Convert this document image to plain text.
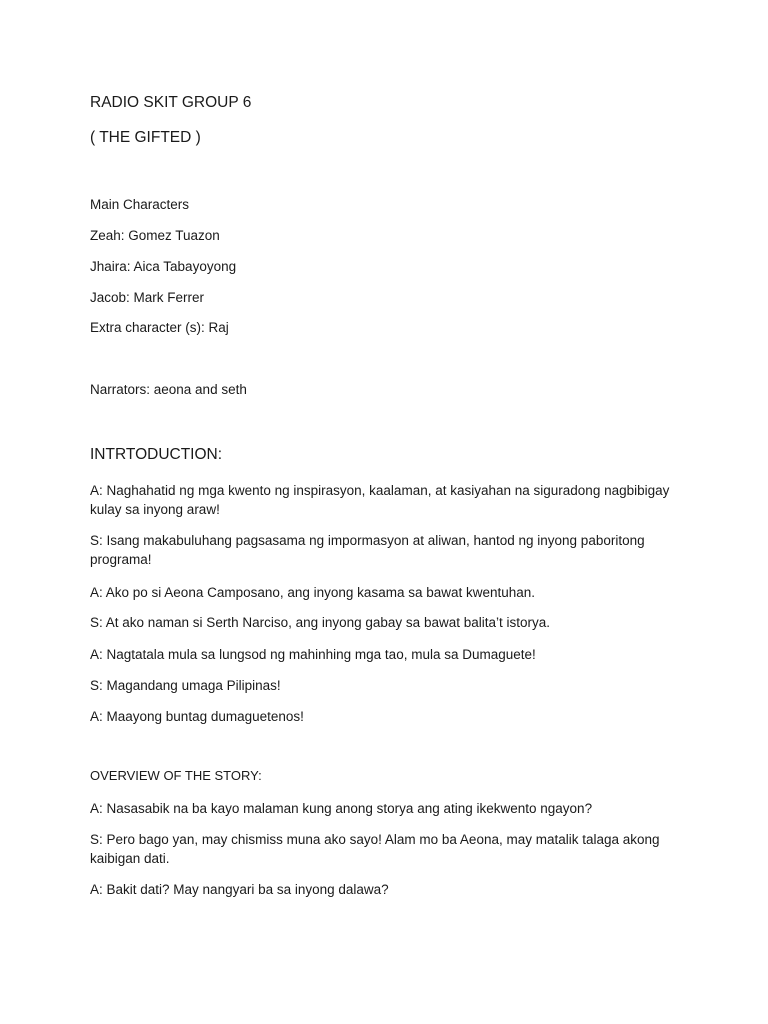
RADIO SKIT GROUP 6
( THE GIFTED )
Main Characters
Zeah: Gomez Tuazon
Jhaira: Aica Tabayoyong
Jacob: Mark Ferrer
Extra character (s): Raj
Narrators: aeona and seth
INTRTODUCTION:
A: Naghahatid ng mga kwento ng inspirasyon, kaalaman, at kasiyahan na siguradong nagbibigay kulay sa inyong araw!
S: Isang makabuluhang pagsasama ng impormasyon at aliwan, hantod ng inyong paboritong programa!
A: Ako po si Aeona Camposano, ang inyong kasama sa bawat kwentuhan.
S: At ako naman si Serth Narciso, ang inyong gabay sa bawat balita’t istorya.
A: Nagtatala mula sa lungsod ng mahinhing mga tao, mula sa Dumaguete!
S: Magandang umaga Pilipinas!
A: Maayong buntag dumaguetenos!
OVERVIEW OF THE STORY:
A: Nasasabik na ba kayo malaman kung anong storya ang ating ikekwento ngayon?
S: Pero bago yan, may chismiss muna ako sayo! Alam mo ba Aeona, may matalik talaga akong kaibigan dati.
A: Bakit dati? May nangyari ba sa inyong dalawa?
